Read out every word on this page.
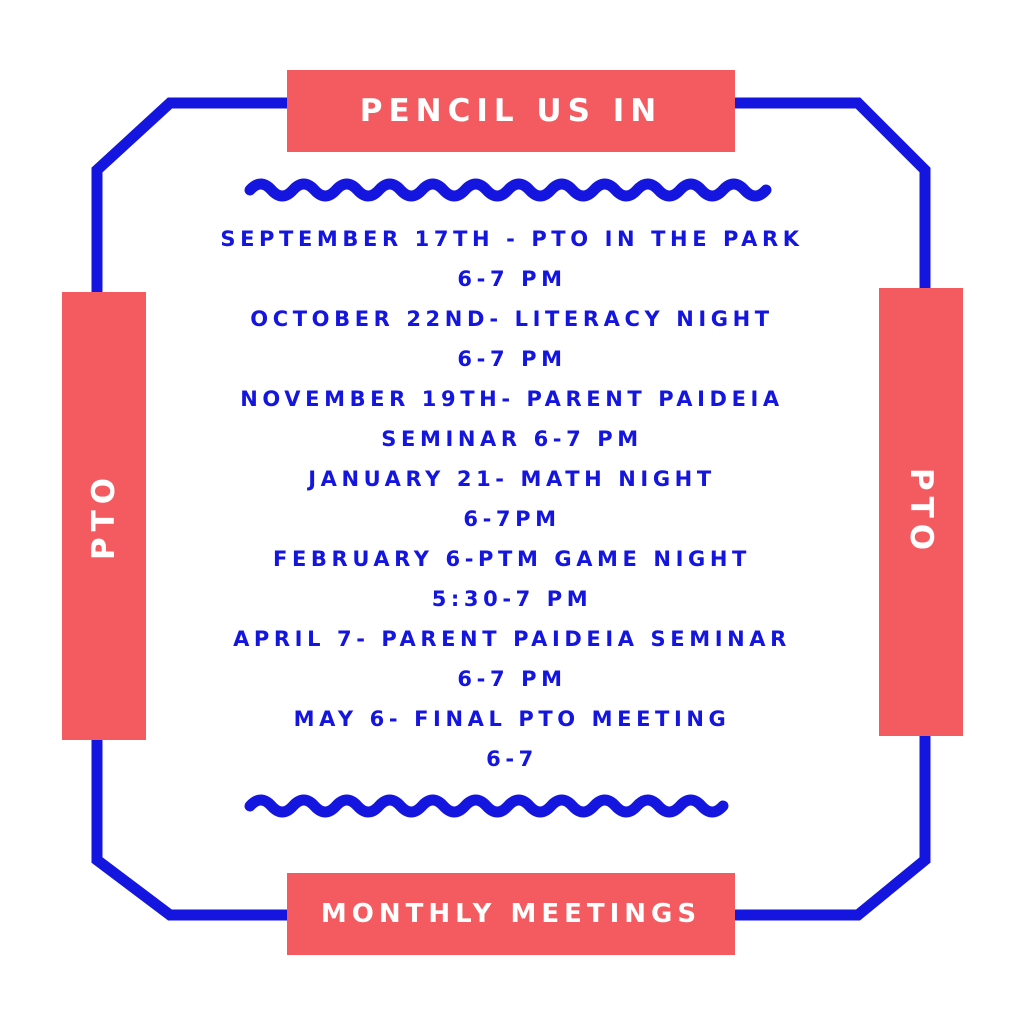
PENCIL US IN
PTO	PTO
SEPTEMBER 17TH - PTO IN THE PARK
6-7 PM
OCTOBER 22ND- LITERACY NIGHT
6-7 PM
NOVEMBER 19TH- PARENT PAIDEIA
SEMINAR 6-7 PM
JANUARY 21- MATH NIGHT
6-7PM
FEBRUARY 6-PTM GAME NIGHT
5:30-7 PM
APRIL 7- PARENT PAIDEIA SEMINAR
6-7 PM
MAY 6- FINAL PTO MEETING
6-7
MONTHLY MEETINGS
